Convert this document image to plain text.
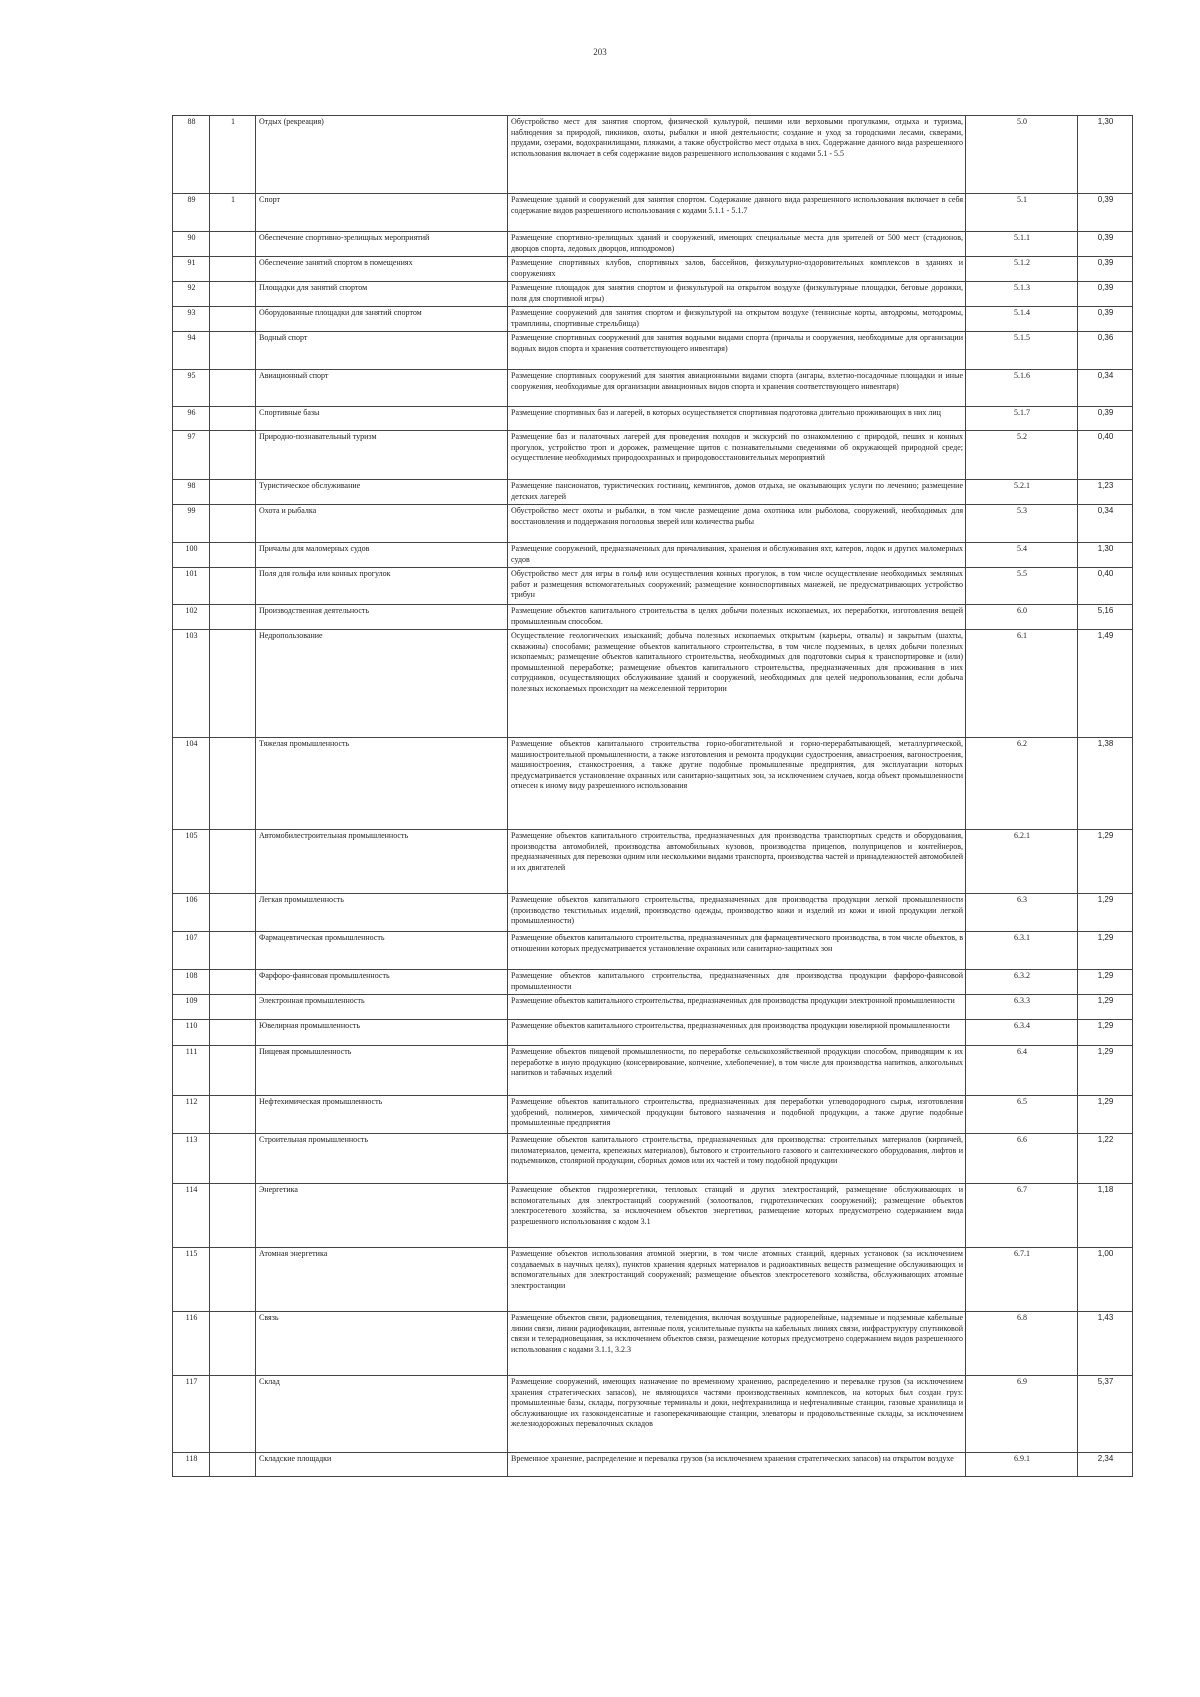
203
88	1	Отдых (рекреация)	Обустройство мест для занятия спортом, физической культурой, пешими или верховыми прогулками, отдыха и туризма, наблюдения за природой, пикников, охоты, рыбалки и иной деятельности; создание и уход за городскими лесами, скверами, прудами, озерами, водохранилищами, пляжами, а также обустройство мест отдыха в них. Содержание данного вида разрешенного использования включает в себя содержание видов разрешенного использования с кодами 5.1 - 5.5	5.0	1,30
89	1	Спорт	Размещение зданий и сооружений для занятия спортом. Содержание данного вида разрешенного использования включает в себя содержание видов разрешенного использования с кодами 5.1.1 - 5.1.7	5.1	0,39
90		Обеспечение спортивно-зрелищных мероприятий	Размещение спортивно-зрелищных зданий и сооружений, имеющих специальные места для зрителей от 500 мест (стадионов, дворцов спорта, ледовых дворцов, ипподромов)	5.1.1	0,39
91		Обеспечение занятий спортом в помещениях	Размещение спортивных клубов, спортивных залов, бассейнов, физкультурно-оздоровительных комплексов в зданиях и сооружениях	5.1.2	0,39
92		Площадки для занятий спортом	Размещение площадок для занятия спортом и физкультурой на открытом воздухе (физкультурные площадки, беговые дорожки, поля для спортивной игры)	5.1.3	0,39
93		Оборудованные площадки для занятий спортом	Размещение сооружений для занятия спортом и физкультурой на открытом воздухе (теннисные корты, автодромы, мотодромы, трамплины, спортивные стрельбища)	5.1.4	0,39
94		Водный спорт	Размещение спортивных сооружений для занятия водными видами спорта (причалы и сооружения, необходимые для организации водных видов спорта и хранения соответствующего инвентаря)	5.1.5	0,36
95		Авиационный спорт	Размещение спортивных сооружений для занятия авиационными видами спорта (ангары, взлетно-посадочные площадки и иные сооружения, необходимые для организации авиационных видов спорта и хранения соответствующего инвентаря)	5.1.6	0,34
96		Спортивные базы	Размещение спортивных баз и лагерей, в которых осуществляется спортивная подготовка длительно проживающих в них лиц	5.1.7	0,39
97		Природно-познавательный туризм	Размещение баз и палаточных лагерей для проведения походов и экскурсий по ознакомлению с природой, пеших и конных прогулок, устройство троп и дорожек, размещение щитов с познавательными сведениями об окружающей природной среде; осуществление необходимых природоохранных и природовосстановительных мероприятий	5.2	0,40
98		Туристическое обслуживание	Размещение пансионатов, туристических гостиниц, кемпингов, домов отдыха, не оказывающих услуги по лечению; размещение детских лагерей	5.2.1	1,23
99		Охота и рыбалка	Обустройство мест охоты и рыбалки, в том числе размещение дома охотника или рыболова, сооружений, необходимых для восстановления и поддержания поголовья зверей или количества рыбы	5.3	0,34
100		Причалы для маломерных судов	Размещение сооружений, предназначенных для причаливания, хранения и обслуживания яхт, катеров, лодок и других маломерных судов	5.4	1,30
101		Поля для гольфа или конных прогулок	Обустройство мест для игры в гольф или осуществления конных прогулок, в том числе осуществление необходимых земляных работ и размещения вспомогательных сооружений; размещение конноспортивных манежей, не предусматривающих устройство трибун	5.5	0,40
102		Производственная деятельность	Размещение объектов капитального строительства в целях добычи полезных ископаемых, их переработки, изготовления вещей промышленным способом.	6.0	5,16
103		Недропользование	Осуществление геологических изысканий; добыча полезных ископаемых открытым (карьеры, отвалы) и закрытым (шахты, скважины) способами; размещение объектов капитального строительства, в том числе подземных, в целях добычи полезных ископаемых; размещение объектов капитального строительства, необходимых для подготовки сырья к транспортировке и (или) промышленной переработке; размещение объектов капитального строительства, предназначенных для проживания в них сотрудников, осуществляющих обслуживание зданий и сооружений, необходимых для целей недропользования, если добыча полезных ископаемых происходит на межселенной территории	6.1	1,49
104		Тяжелая промышленность	Размещение объектов капитального строительства горно-обогатительной и горно-перерабатывающей, металлургической, машиностроительной промышленности, а также изготовления и ремонта продукции судостроения, авиастроения, вагоностроения, машиностроения, станкостроения, а также другие подобные промышленные предприятия, для эксплуатации которых предусматривается установление охранных или санитарно-защитных зон, за исключением случаев, когда объект промышленности отнесен к иному виду разрешенного использования	6.2	1,38
105		Автомобилестроительная промышленность	Размещение объектов капитального строительства, предназначенных для производства транспортных средств и оборудования, производства автомобилей, производства автомобильных кузовов, производства прицепов, полуприцепов и контейнеров, предназначенных для перевозки одним или несколькими видами транспорта, производства частей и принадлежностей автомобилей и их двигателей	6.2.1	1,29
106		Легкая промышленность	Размещение объектов капитального строительства, предназначенных для производства продукции легкой промышленности (производство текстильных изделий, производство одежды, производство кожи и изделий из кожи и иной продукции легкой промышленности)	6.3	1,29
107		Фармацевтическая промышленность	Размещение объектов капитального строительства, предназначенных для фармацевтического производства, в том числе объектов, в отношении которых предусматривается установление охранных или санитарно-защитных зон	6.3.1	1,29
108		Фарфоро-фаянсовая промышленность	Размещение объектов капитального строительства, предназначенных для производства продукции фарфоро-фаянсовой промышленности	6.3.2	1,29
109		Электронная промышленность	Размещение объектов капитального строительства, предназначенных для производства продукции электронной промышленности	6.3.3	1,29
110		Ювелирная промышленность	Размещение объектов капитального строительства, предназначенных для производства продукции ювелирной промышленности	6.3.4	1,29
111		Пищевая промышленность	Размещение объектов пищевой промышленности, по переработке сельскохозяйственной продукции способом, приводящим к их переработке в иную продукцию (консервирование, копчение, хлебопечение), в том числе для производства напитков, алкогольных напитков и табачных изделий	6.4	1,29
112		Нефтехимическая промышленность	Размещение объектов капитального строительства, предназначенных для переработки углеводородного сырья, изготовления удобрений, полимеров, химической продукции бытового назначения и подобной продукции, а также другие подобные промышленные предприятия	6.5	1,29
113		Строительная промышленность	Размещение объектов капитального строительства, предназначенных для производства: строительных материалов (кирпичей, пиломатериалов, цемента, крепежных материалов), бытового и строительного газового и сантехнического оборудования, лифтов и подъемников, столярной продукции, сборных домов или их частей и тому подобной продукции	6.6	1,22
114		Энергетика	Размещение объектов гидроэнергетики, тепловых станций и других электростанций, размещение обслуживающих и вспомогательных для электростанций сооружений (золоотвалов, гидротехнических сооружений); размещение объектов электросетевого хозяйства, за исключением объектов энергетики, размещение которых предусмотрено содержанием вида разрешенного использования с кодом 3.1	6.7	1,18
115		Атомная энергетика	Размещение объектов использования атомной энергии, в том числе атомных станций, ядерных установок (за исключением создаваемых в научных целях), пунктов хранения ядерных материалов и радиоактивных веществ размещение обслуживающих и вспомогательных для электростанций сооружений; размещение объектов электросетевого хозяйства, обслуживающих атомные электростанции	6.7.1	1,00
116		Связь	Размещение объектов связи, радиовещания, телевидения, включая воздушные радиорелейные, надземные и подземные кабельные линии связи, линии радиофикации, антенные поля, усилительные пункты на кабельных линиях связи, инфраструктуру спутниковой связи и телерадиовещания, за исключением объектов связи, размещение которых предусмотрено содержанием видов разрешенного использования с кодами 3.1.1, 3.2.3	6.8	1,43
117		Склад	Размещение сооружений, имеющих назначение по временному хранению, распределению и перевалке грузов (за исключением хранения стратегических запасов), не являющихся частями производственных комплексов, на которых был создан груз: промышленные базы, склады, погрузочные терминалы и доки, нефтехранилища и нефтеналивные станции, газовые хранилища и обслуживающие их газоконденсатные и газоперекачивающие станции, элеваторы и продовольственные склады, за исключением железнодорожных перевалочных складов	6.9	5,37
118		Складские площадки	Временное хранение, распределение и перевалка грузов (за исключением хранения стратегических запасов) на открытом воздухе	6.9.1	2,34
